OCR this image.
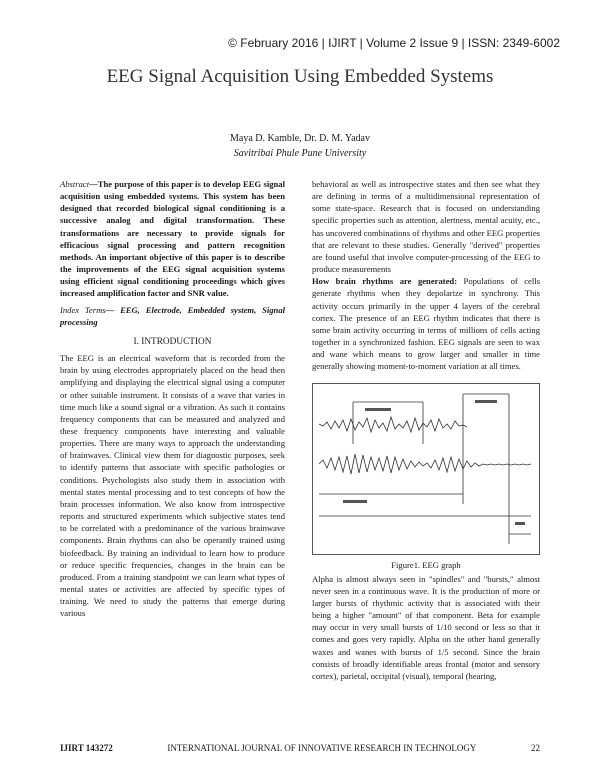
© February 2016 | IJIRT | Volume 2 Issue 9 | ISSN: 2349-6002
EEG Signal Acquisition Using Embedded Systems
Maya D. Kamble, Dr. D. M. Yadav
Savitribai Phule Pune University

Abstract—The purpose of this paper is to develop EEG signal acquisition using embedded systems. This system has been designed that recorded biological signal conditioning is a successive analog and digital transformation. These transformations are necessary to provide signals for efficacious signal processing and pattern recognition methods. An important objective of this paper is to describe the improvements of the EEG signal acquisition systems using efficient signal conditioning proceedings which gives increased amplification factor and SNR value.

Index Terms— EEG, Electrode, Embedded system, Signal processing

I. INTRODUCTION

The EEG is an electrical waveform that is recorded from the brain by using electrodes appropriately placed on the head then amplifying and displaying the electrical signal using a computer or other suitable instrument. It consists of a wave that varies in time much like a sound signal or a vibration. As such it contains frequency components that can be measured and analyzed and these frequency components have interesting and valuable properties. There are many ways to approach the understanding of brainwaves. Clinical view them for diagnostic purposes, seek to identify patterns that associate with specific pathologies or conditions. Psychologists also study them in association with mental states mental processing and to test concepts of how the brain processes information. We also know from introspective reports and structured experiments which subjective states tend to be correlated with a predominance of the various brainwave components. Brain rhythms can also be operantly trained using biofeedback. By training an individual to learn how to produce or reduce specific frequencies, changes in the brain can be produced. From a training standpoint we can learn what types of mental states or activities are affected by specific types of training. We need to study the patterns that emerge during various

behavioral as well as introspective states and then see what they are defining in terms of a multidimensional representation of some state-space. Research that is focused on understanding specific properties such as attention, alertness, mental acuity, etc., has uncovered combinations of rhythms and other EEG properties that are relevant to these studies. Generally "derived" properties are found useful that involve computer-processing of the EEG to produce measurements

How brain rhythms are generated: Populations of cells generate rhythms when they depolarize in synchrony. This activity occurs primarily in the upper 4 layers of the cerebral cortex. The presence of an EEG rhythm indicates that there is some brain activity occurring in terms of millions of cells acting together in a synchronized fashion. EEG signals are seen to wax and wane which means to grow larger and smaller in time generally showing moment-to-moment variation at all times.

Figure1. EEG graph

Alpha is almost always seen in "spindles" and "bursts," almost never seen in a continuous wave. It is the production of more or larger bursts of rhythmic activity that is associated with their being a higher "amount" of that component. Beta for example may occur in very small bursts of 1/10 second or less so that it comes and goes very rapidly. Alpha on the other hand generally waxes and wanes with bursts of 1/5 second. Since the brain consists of broadly identifiable areas frontal (motor and sensory cortex), parietal, occipital (visual), temporal (hearing,

IJIRT 143272	INTERNATIONAL JOURNAL OF INNOVATIVE RESEARCH IN TECHNOLOGY	22
